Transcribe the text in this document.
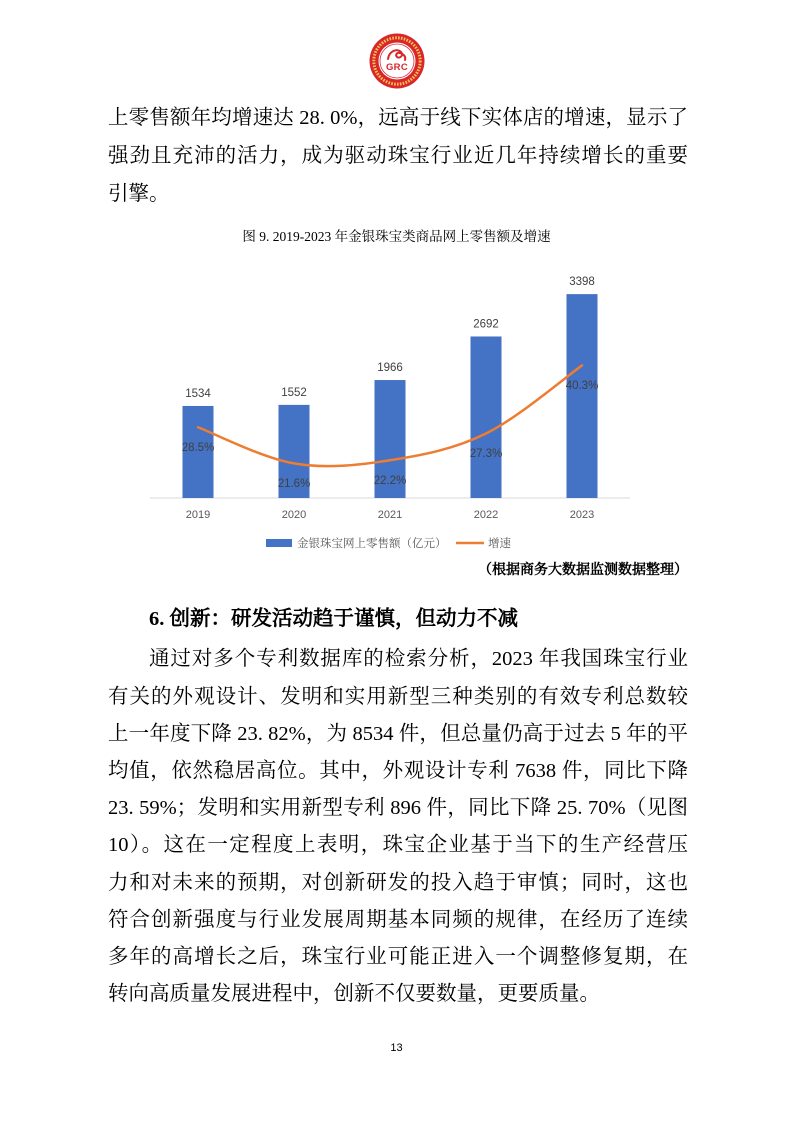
GRC
上零售额年均增速达 28. 0%，远高于线下实体店的增速，显示了
强劲且充沛的活力，成为驱动珠宝行业近几年持续增长的重要
引擎。
图 9. 2019-2023 年金银珠宝类商品网上零售额及增速
1534	1552
1966
2692
3398
28.5%
21.6%	22.2%
27.3%
40.3%
2019	2020	2021	2022	2023
金银珠宝网上零售额（亿元）	增速
（根据商务大数据监测数据整理）
6. 创新：研发活动趋于谨慎，但动力不减
通过对多个专利数据库的检索分析，2023 年我国珠宝行业
有关的外观设计、发明和实用新型三种类别的有效专利总数较
上一年度下降 23. 82%，为 8534 件，但总量仍高于过去 5 年的平
均值，依然稳居高位。其中，外观设计专利 7638 件，同比下降
23. 59%；发明和实用新型专利 896 件，同比下降 25. 70%（见图
10）。这在一定程度上表明，珠宝企业基于当下的生产经营压
力和对未来的预期，对创新研发的投入趋于审慎；同时，这也
符合创新强度与行业发展周期基本同频的规律，在经历了连续
多年的高增长之后，珠宝行业可能正进入一个调整修复期，在
转向高质量发展进程中，创新不仅要数量，更要质量。
13
